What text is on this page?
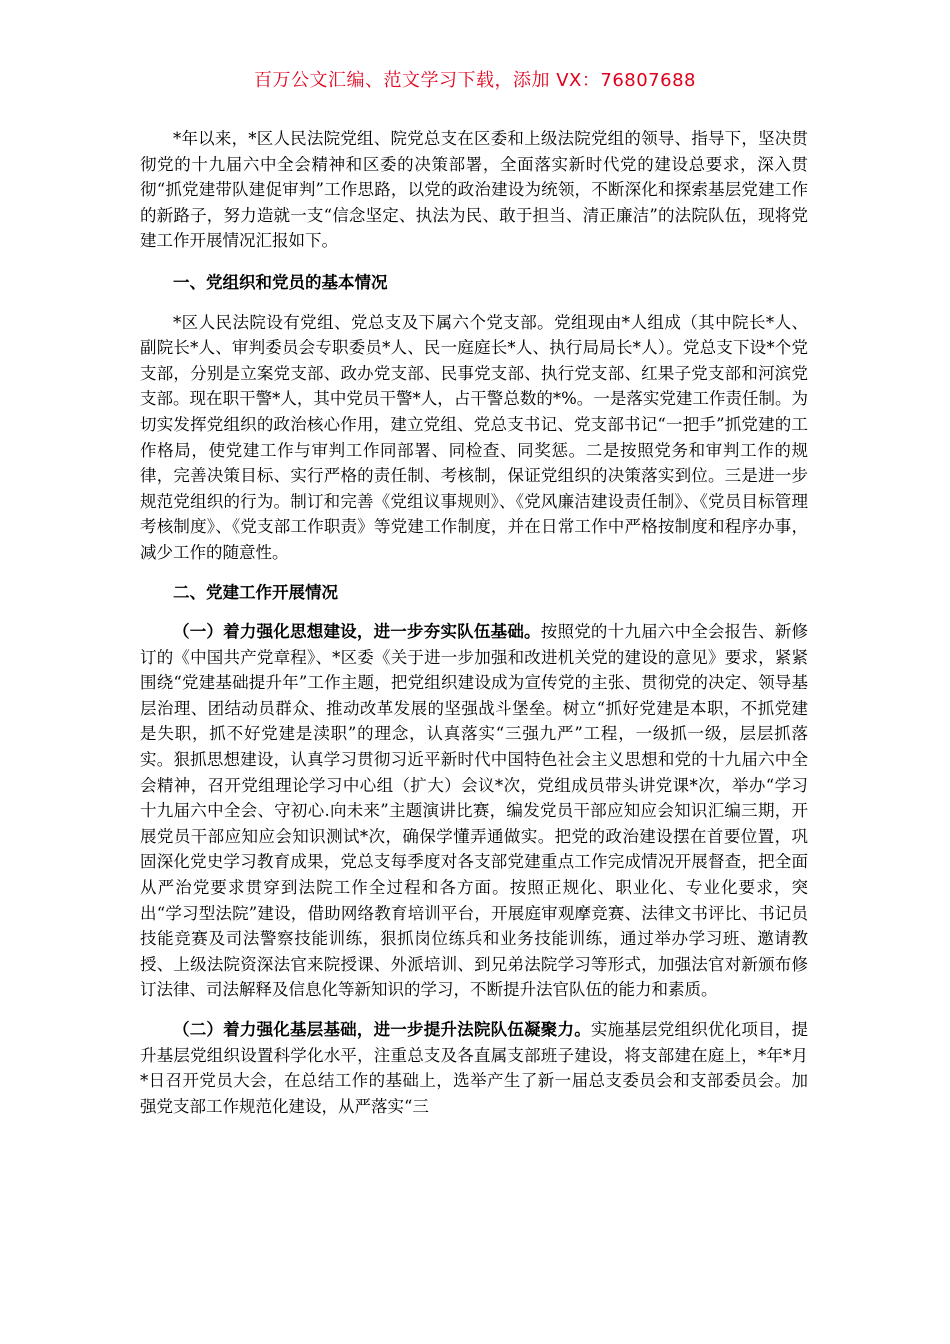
百万公文汇编、范文学习下载，添加 VX：76807688

*年以来，*区人民法院党组、院党总支在区委和上级法院党组的领导、指导下，坚决贯彻党的十九届六中全会精神和区委的决策部署，全面落实新时代党的建设总要求，深入贯彻“抓党建带队建促审判”工作思路，以党的政治建设为统领，不断深化和探索基层党建工作的新路子，努力造就一支“信念坚定、执法为民、敢于担当、清正廉洁”的法院队伍，现将党建工作开展情况汇报如下。

一、党组织和党员的基本情况

*区人民法院设有党组、党总支及下属六个党支部。党组现由*人组成（其中院长*人、副院长*人、审判委员会专职委员*人、民一庭庭长*人、执行局局长*人）。党总支下设*个党支部，分别是立案党支部、政办党支部、民事党支部、执行党支部、红果子党支部和河滨党支部。现在职干警*人，其中党员干警*人，占干警总数的*%。一是落实党建工作责任制。为切实发挥党组织的政治核心作用，建立党组、党总支书记、党支部书记“一把手”抓党建的工作格局，使党建工作与审判工作同部署、同检查、同奖惩。二是按照党务和审判工作的规律，完善决策目标、实行严格的责任制、考核制，保证党组织的决策落实到位。三是进一步规范党组织的行为。制订和完善《党组议事规则》、《党风廉洁建设责任制》、《党员目标管理考核制度》、《党支部工作职责》等党建工作制度，并在日常工作中严格按制度和程序办事，减少工作的随意性。

二、党建工作开展情况

（一）着力强化思想建设，进一步夯实队伍基础。按照党的十九届六中全会报告、新修订的《中国共产党章程》、*区委《关于进一步加强和改进机关党的建设的意见》要求，紧紧围绕“党建基础提升年”工作主题，把党组织建设成为宣传党的主张、贯彻党的决定、领导基层治理、团结动员群众、推动改革发展的坚强战斗堡垒。树立“抓好党建是本职，不抓党建是失职，抓不好党建是渎职”的理念，认真落实“三强九严”工程，一级抓一级，层层抓落实。狠抓思想建设，认真学习贯彻习近平新时代中国特色社会主义思想和党的十九届六中全会精神，召开党组理论学习中心组（扩大）会议*次，党组成员带头讲党课*次，举办“学习十九届六中全会、守初心.向未来”主题演讲比赛，编发党员干部应知应会知识汇编三期，开展党员干部应知应会知识测试*次，确保学懂弄通做实。把党的政治建设摆在首要位置，巩固深化党史学习教育成果，党总支每季度对各支部党建重点工作完成情况开展督查，把全面从严治党要求贯穿到法院工作全过程和各方面。按照正规化、职业化、专业化要求，突出“学习型法院”建设，借助网络教育培训平台，开展庭审观摩竞赛、法律文书评比、书记员技能竞赛及司法警察技能训练，狠抓岗位练兵和业务技能训练，通过举办学习班、邀请教授、上级法院资深法官来院授课、外派培训、到兄弟法院学习等形式，加强法官对新颁布修订法律、司法解释及信息化等新知识的学习，不断提升法官队伍的能力和素质。

（二）着力强化基层基础，进一步提升法院队伍凝聚力。实施基层党组织优化项目，提升基层党组织设置科学化水平，注重总支及各直属支部班子建设，将支部建在庭上，*年*月*日召开党员大会，在总结工作的基础上，选举产生了新一届总支委员会和支部委员会。加强党支部工作规范化建设，从严落实“三
